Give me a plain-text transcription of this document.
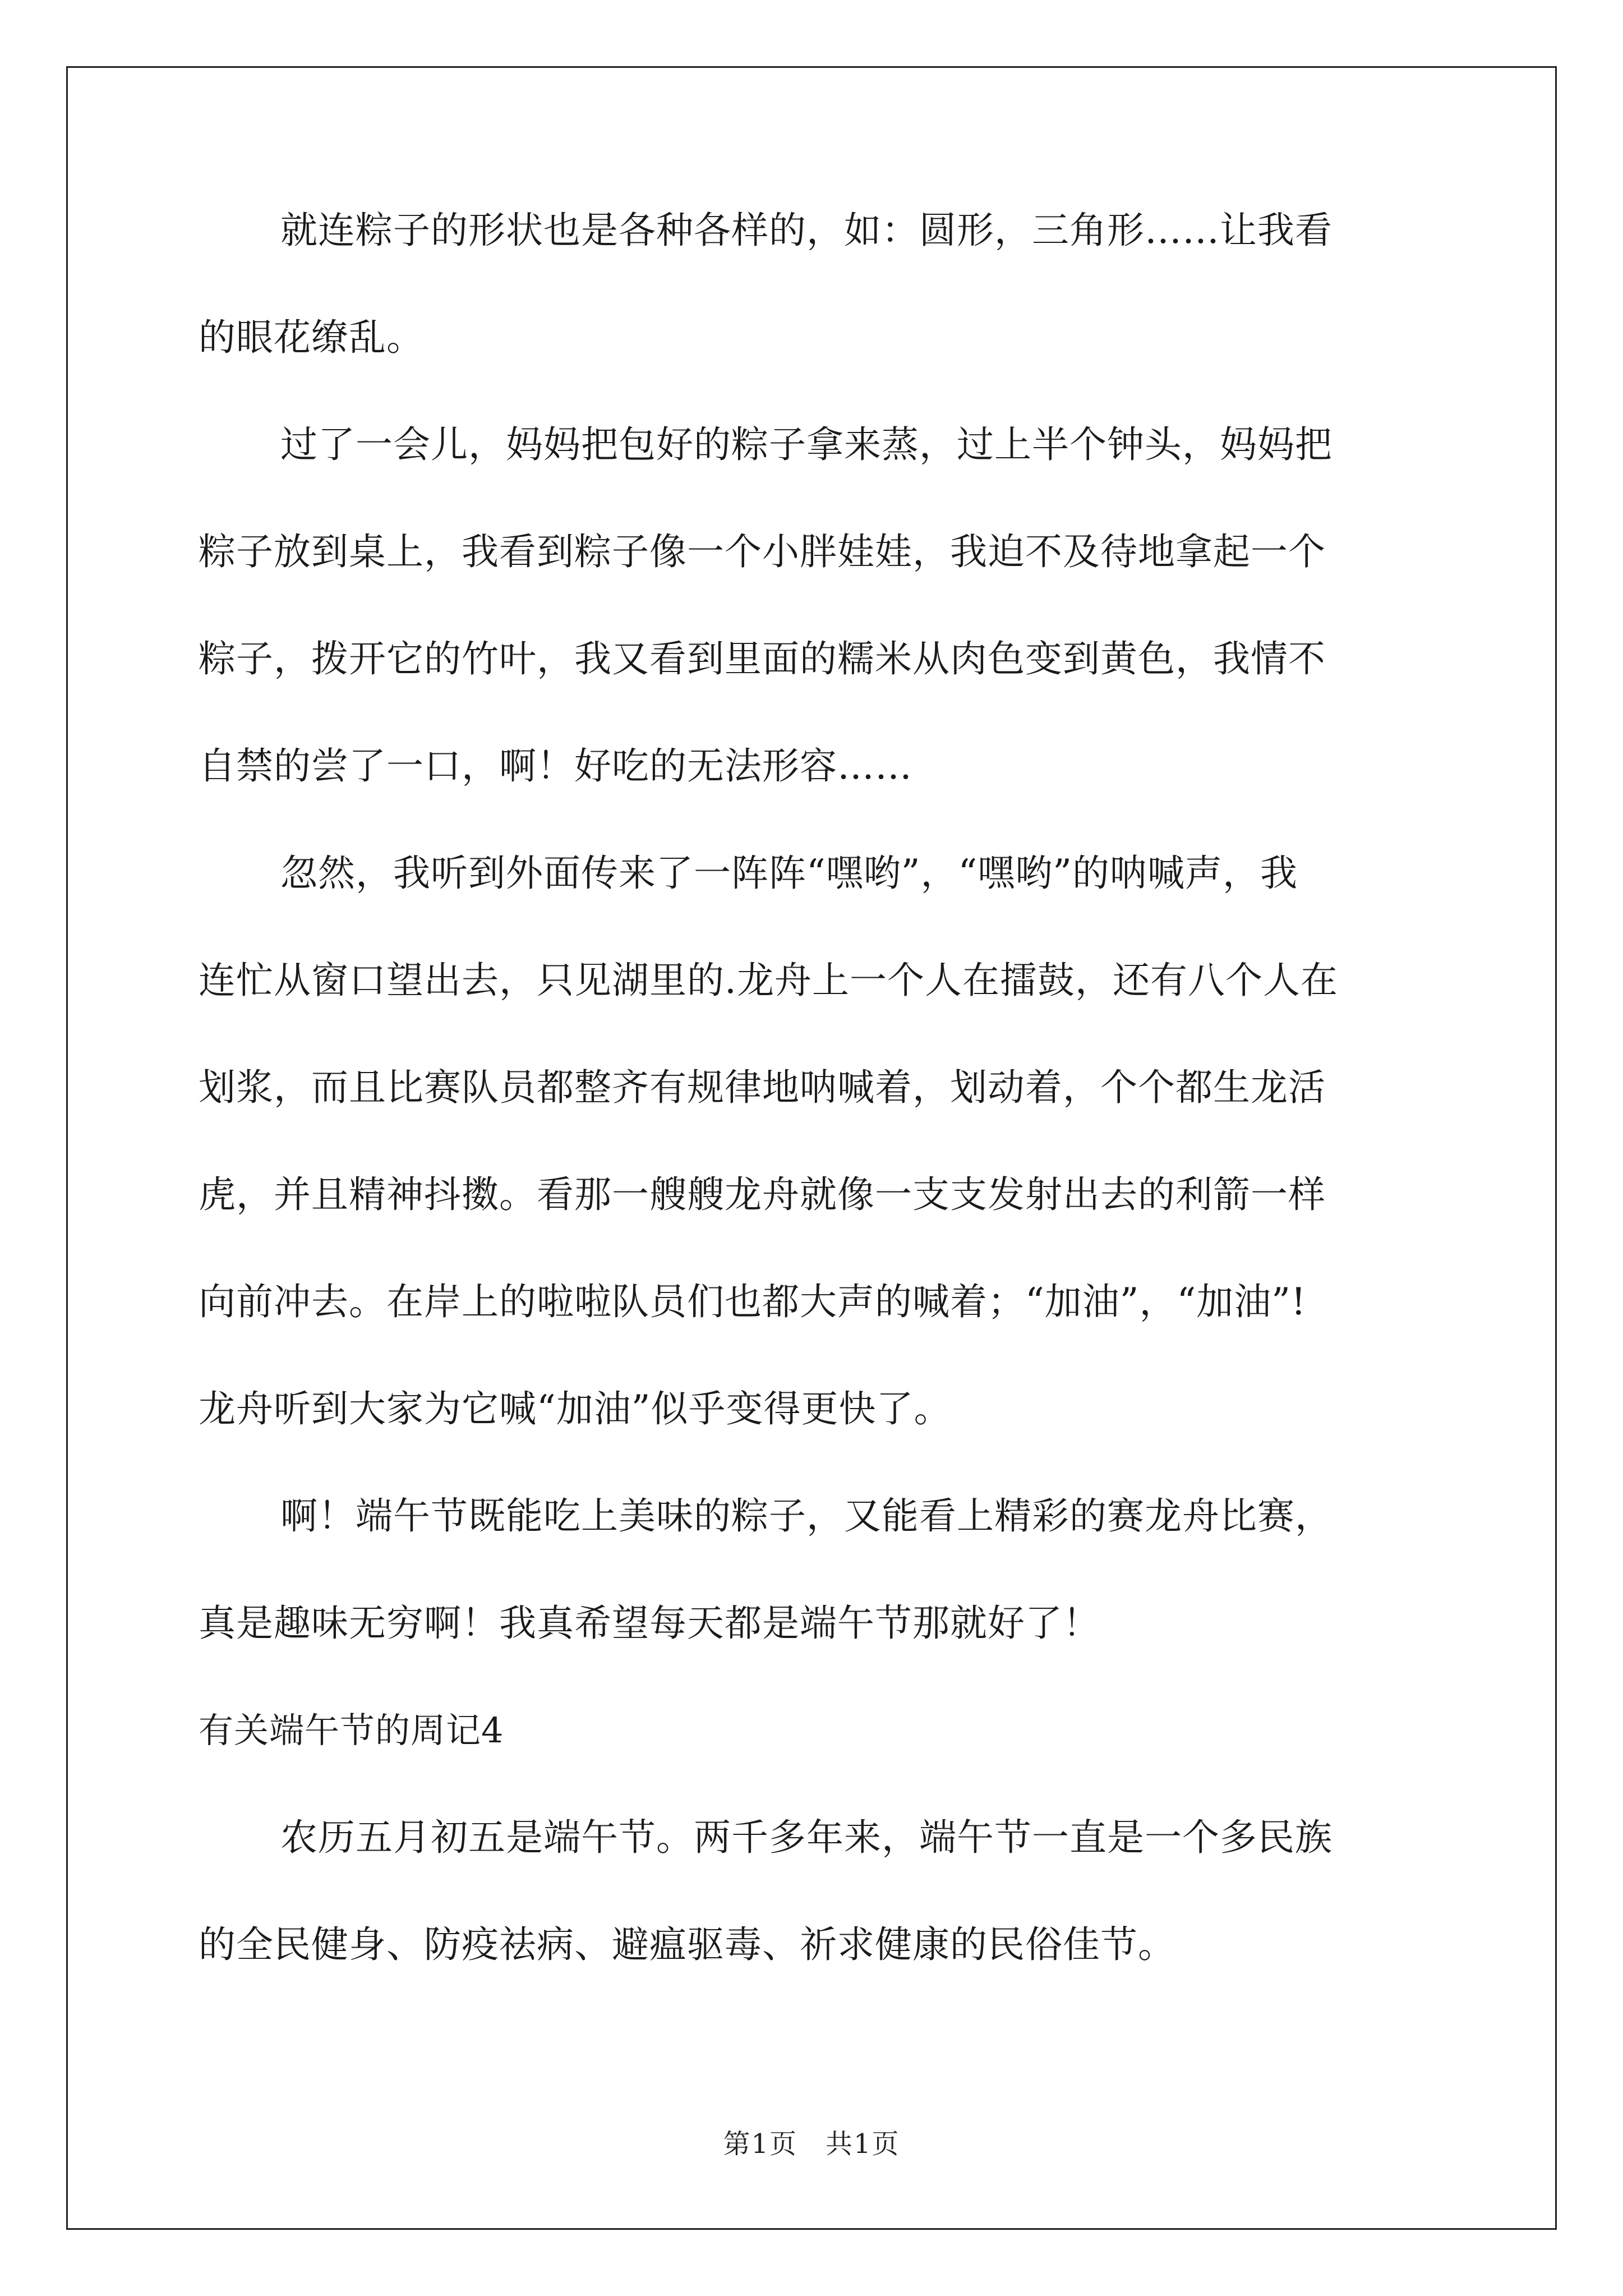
就连粽子的形状也是各种各样的，如：圆形，三角形……让我看
的眼花缭乱。
过了一会儿，妈妈把包好的粽子拿来蒸，过上半个钟头，妈妈把
粽子放到桌上，我看到粽子像一个小胖娃娃，我迫不及待地拿起一个
粽子，拨开它的竹叶，我又看到里面的糯米从肉色变到黄色，我情不
自禁的尝了一口，啊！好吃的无法形容……
忽然，我听到外面传来了一阵阵“嘿哟”，“嘿哟”的呐喊声，我
连忙从窗口望出去，只见湖里的.龙舟上一个人在擂鼓，还有八个人在
划浆，而且比赛队员都整齐有规律地呐喊着，划动着，个个都生龙活
虎，并且精神抖擞。看那一艘艘龙舟就像一支支发射出去的利箭一样
向前冲去。在岸上的啦啦队员们也都大声的喊着；“加油”，“加油”!
龙舟听到大家为它喊“加油”似乎变得更快了。
啊！端午节既能吃上美味的粽子，又能看上精彩的赛龙舟比赛，
真是趣味无穷啊！我真希望每天都是端午节那就好了！
有关端午节的周记4
农历五月初五是端午节。两千多年来，端午节一直是一个多民族
的全民健身、防疫祛病、避瘟驱毒、祈求健康的民俗佳节。
第1页　共1页
